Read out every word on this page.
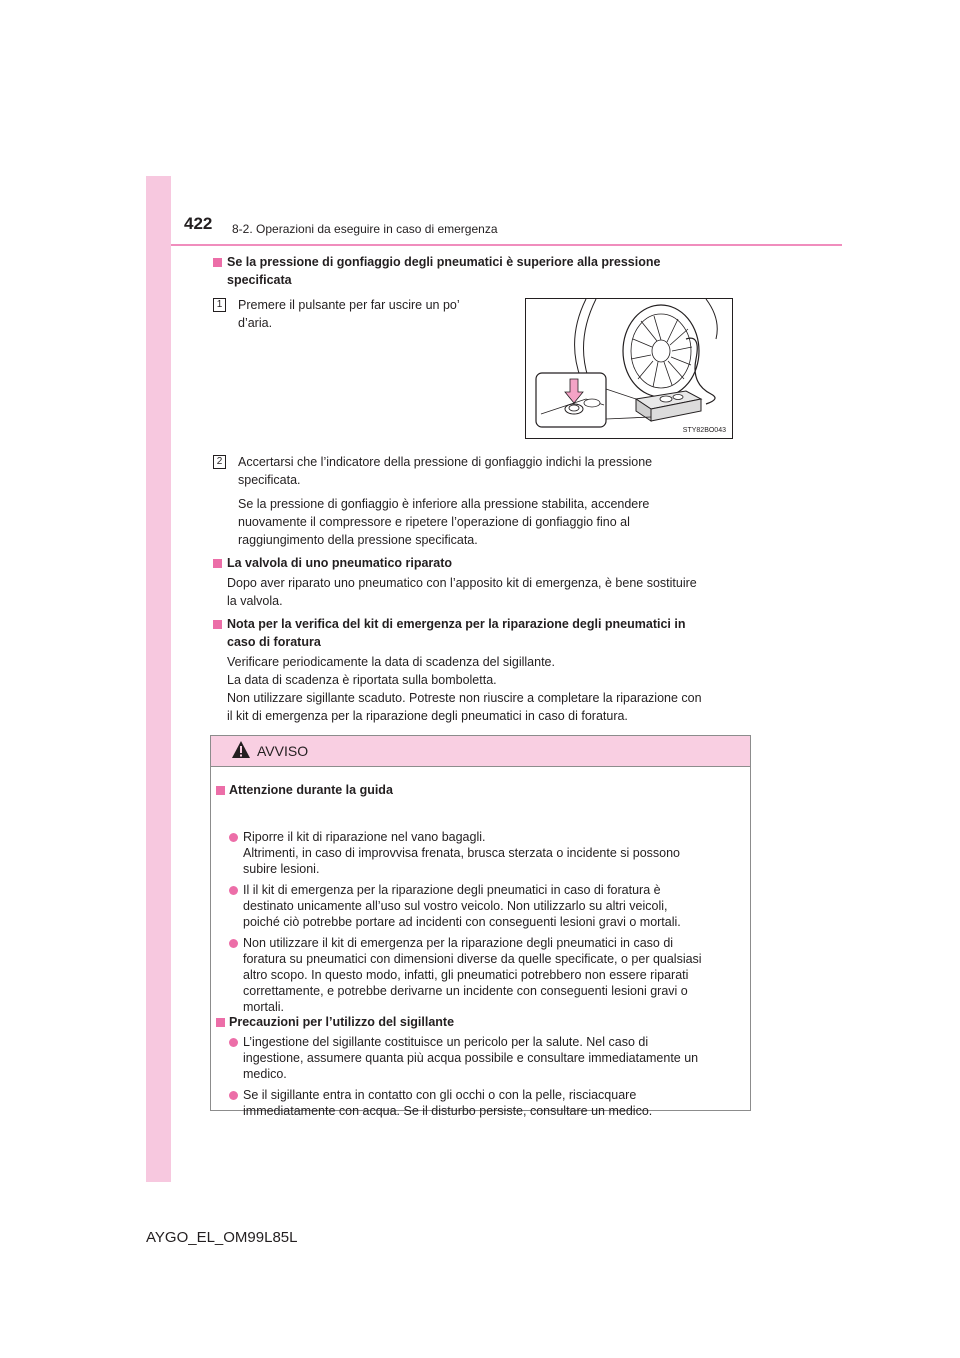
422 8-2. Operazioni da eseguire in caso di emergenza
Se la pressione di gonfiaggio degli pneumatici è superiore alla pressione
specificata
1 Premere il pulsante per far uscire un po’
d’aria.
STY82BO043
2 Accertarsi che l’indicatore della pressione di gonfiaggio indichi la pressione
specificata.
Se la pressione di gonfiaggio è inferiore alla pressione stabilita, accendere
nuovamente il compressore e ripetere l’operazione di gonfiaggio fino al
raggiungimento della pressione specificata.
La valvola di uno pneumatico riparato
Dopo aver riparato uno pneumatico con l’apposito kit di emergenza, è bene sostituire
la valvola.
Nota per la verifica del kit di emergenza per la riparazione degli pneumatici in
caso di foratura
Verificare periodicamente la data di scadenza del sigillante.
La data di scadenza è riportata sulla bomboletta.
Non utilizzare sigillante scaduto. Potreste non riuscire a completare la riparazione con
il kit di emergenza per la riparazione degli pneumatici in caso di foratura.
AVVISO
Attenzione durante la guida
Riporre il kit di riparazione nel vano bagagli.
Altrimenti, in caso di improvvisa frenata, brusca sterzata o incidente si possono
subire lesioni.
Il il kit di emergenza per la riparazione degli pneumatici in caso di foratura è
destinato unicamente all’uso sul vostro veicolo. Non utilizzarlo su altri veicoli,
poiché ciò potrebbe portare ad incidenti con conseguenti lesioni gravi o mortali.
Non utilizzare il kit di emergenza per la riparazione degli pneumatici in caso di
foratura su pneumatici con dimensioni diverse da quelle specificate, o per qualsiasi
altro scopo. In questo modo, infatti, gli pneumatici potrebbero non essere riparati
correttamente, e potrebbe derivarne un incidente con conseguenti lesioni gravi o
mortali.
Precauzioni per l’utilizzo del sigillante
L’ingestione del sigillante costituisce un pericolo per la salute. Nel caso di
ingestione, assumere quanta più acqua possibile e consultare immediatamente un
medico.
Se il sigillante entra in contatto con gli occhi o con la pelle, risciacquare
immediatamente con acqua. Se il disturbo persiste, consultare un medico.
AYGO_EL_OM99L85L
